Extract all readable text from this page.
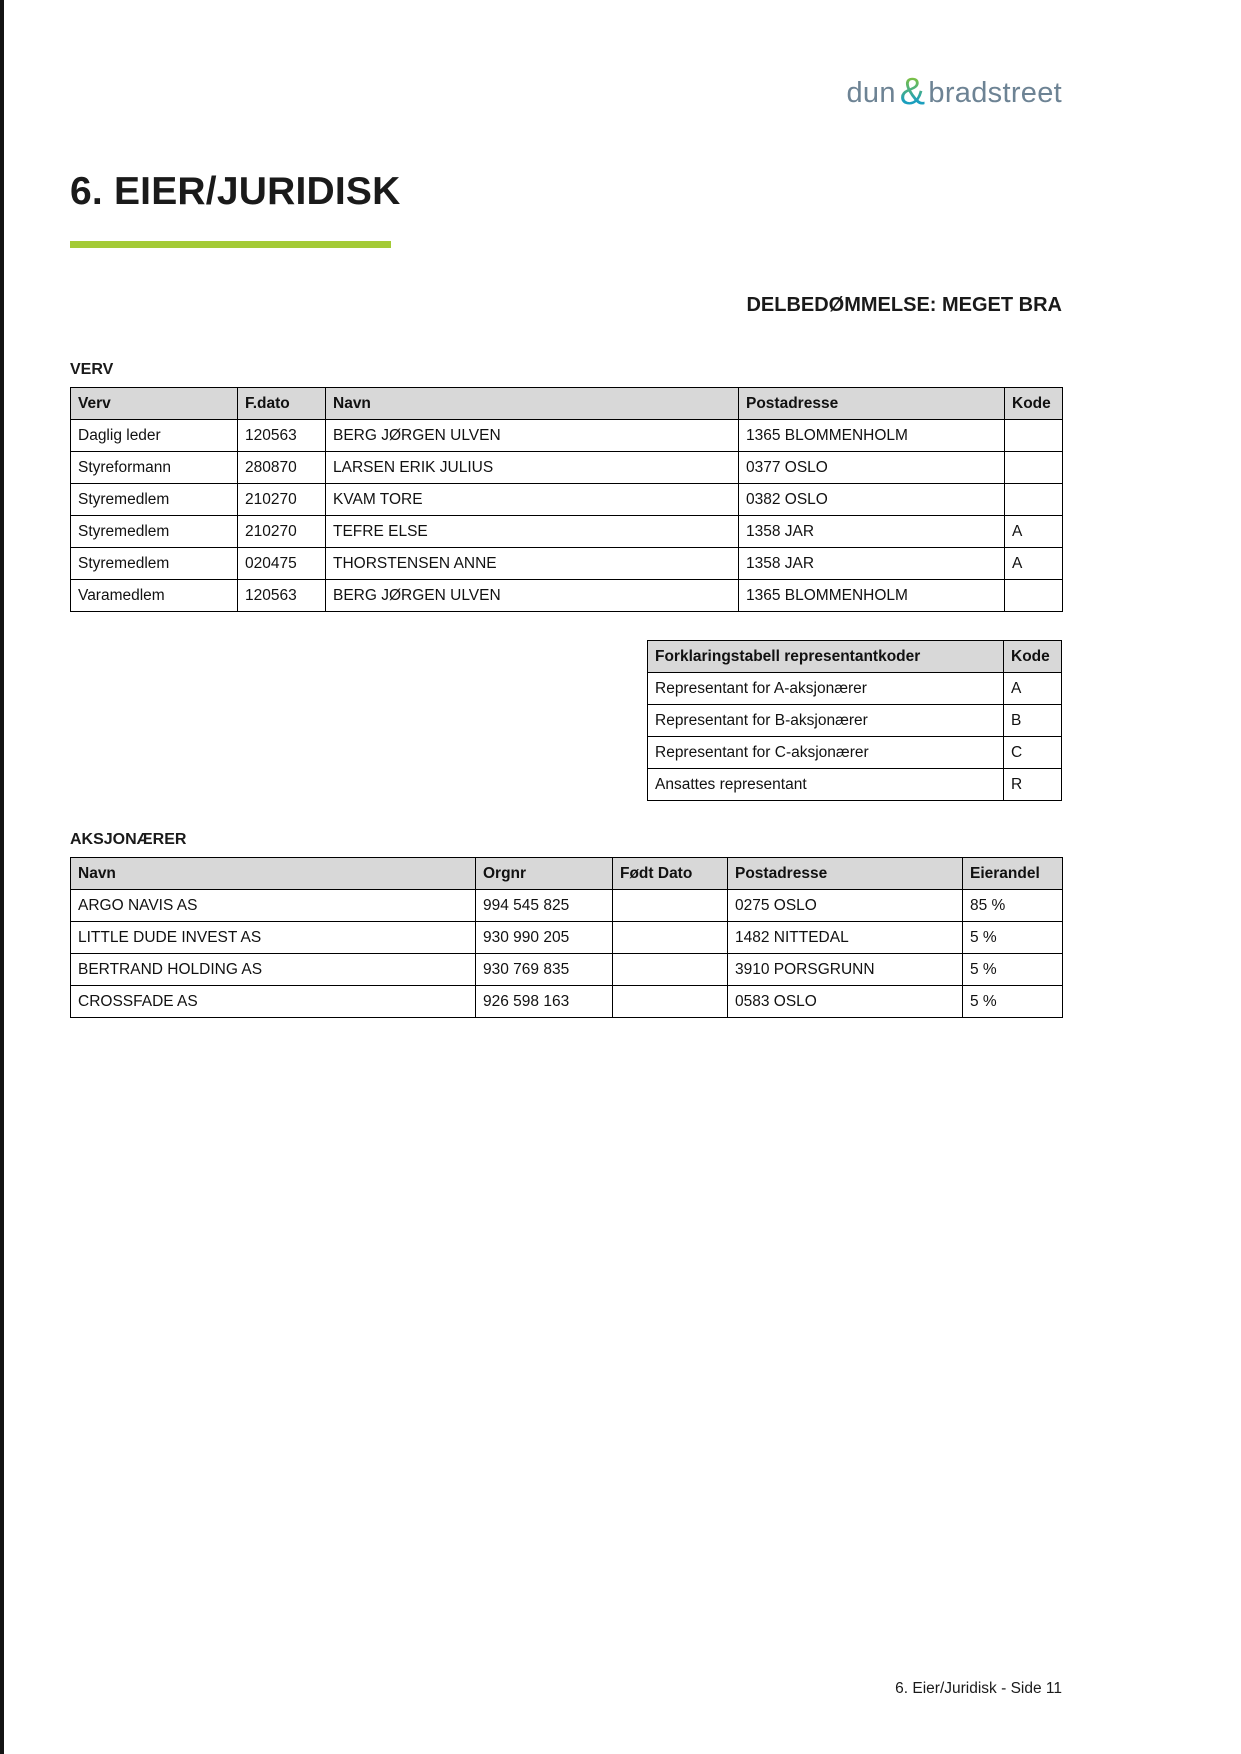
dun & bradstreet
6. EIER/JURIDISK
DELBEDØMMELSE: MEGET BRA
VERV
Verv	F.dato	Navn	Postadresse	Kode
Daglig leder	120563	BERG JØRGEN ULVEN	1365 BLOMMENHOLM	
Styreformann	280870	LARSEN ERIK JULIUS	0377 OSLO	
Styremedlem	210270	KVAM TORE	0382 OSLO	
Styremedlem	210270	TEFRE ELSE	1358 JAR	A
Styremedlem	020475	THORSTENSEN ANNE	1358 JAR	A
Varamedlem	120563	BERG JØRGEN ULVEN	1365 BLOMMENHOLM	
Forklaringstabell representantkoder	Kode
Representant for A-aksjonærer	A
Representant for B-aksjonærer	B
Representant for C-aksjonærer	C
Ansattes representant	R
AKSJONÆRER
Navn	Orgnr	Født Dato	Postadresse	Eierandel
ARGO NAVIS AS	994 545 825		0275 OSLO	85 %
LITTLE DUDE INVEST AS	930 990 205		1482 NITTEDAL	5 %
BERTRAND HOLDING AS	930 769 835		3910 PORSGRUNN	5 %
CROSSFADE AS	926 598 163		0583 OSLO	5 %
6. Eier/Juridisk - Side 11
